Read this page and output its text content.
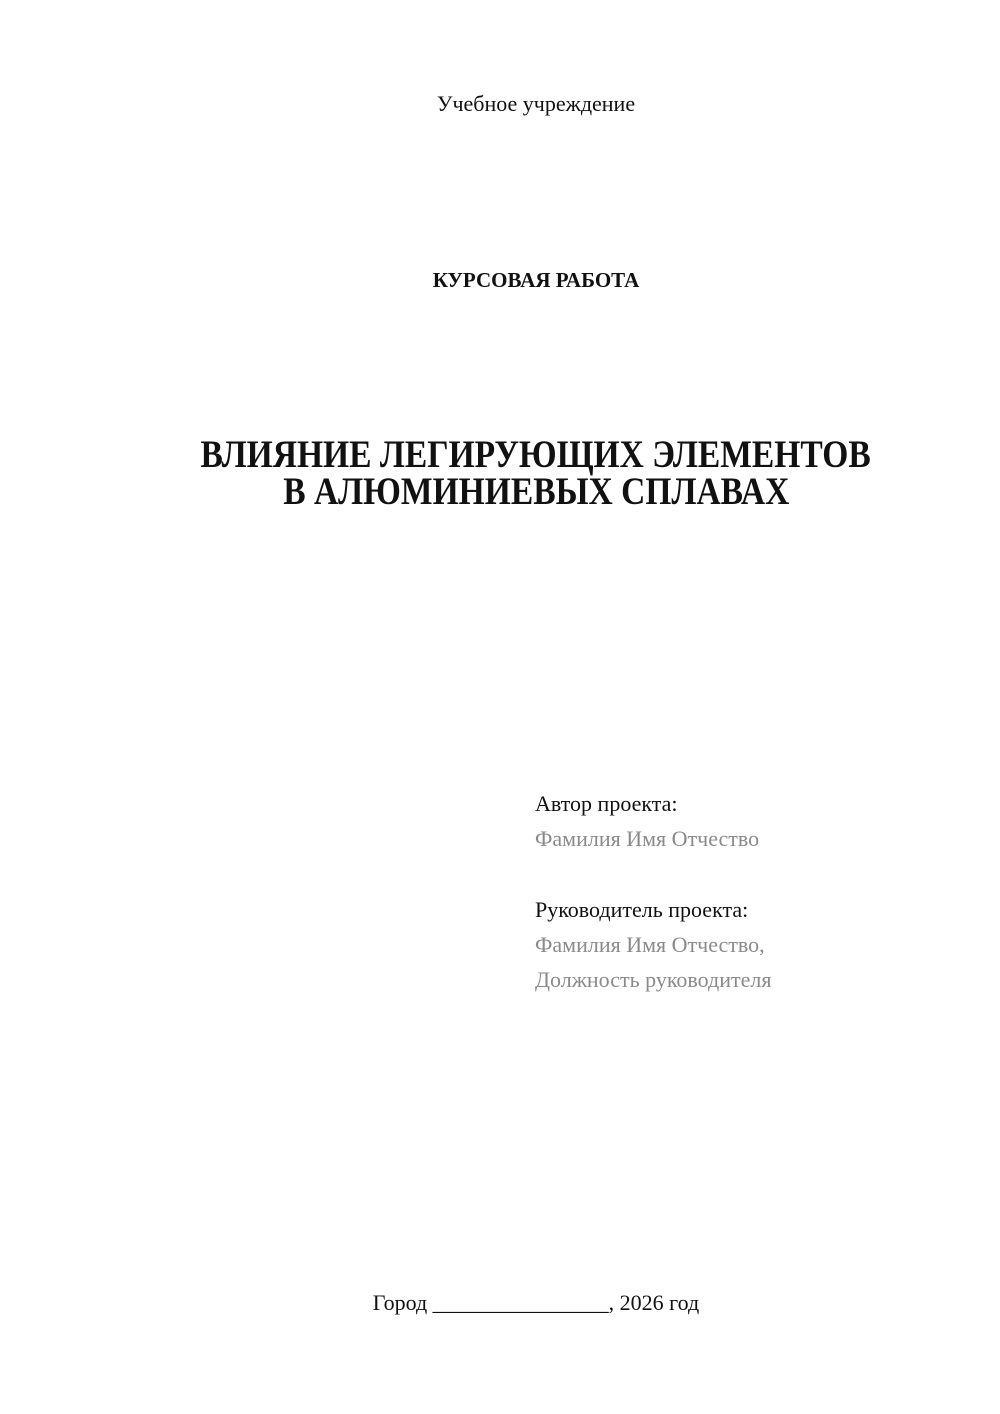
Учебное учреждение
КУРСОВАЯ РАБОТА
ВЛИЯНИЕ ЛЕГИРУЮЩИХ ЭЛЕМЕНТОВ
В АЛЮМИНИЕВЫХ СПЛАВАХ
Автор проекта:
Фамилия Имя Отчество
Руководитель проекта:
Фамилия Имя Отчество,
Должность руководителя
Город ________________, 2026 год
